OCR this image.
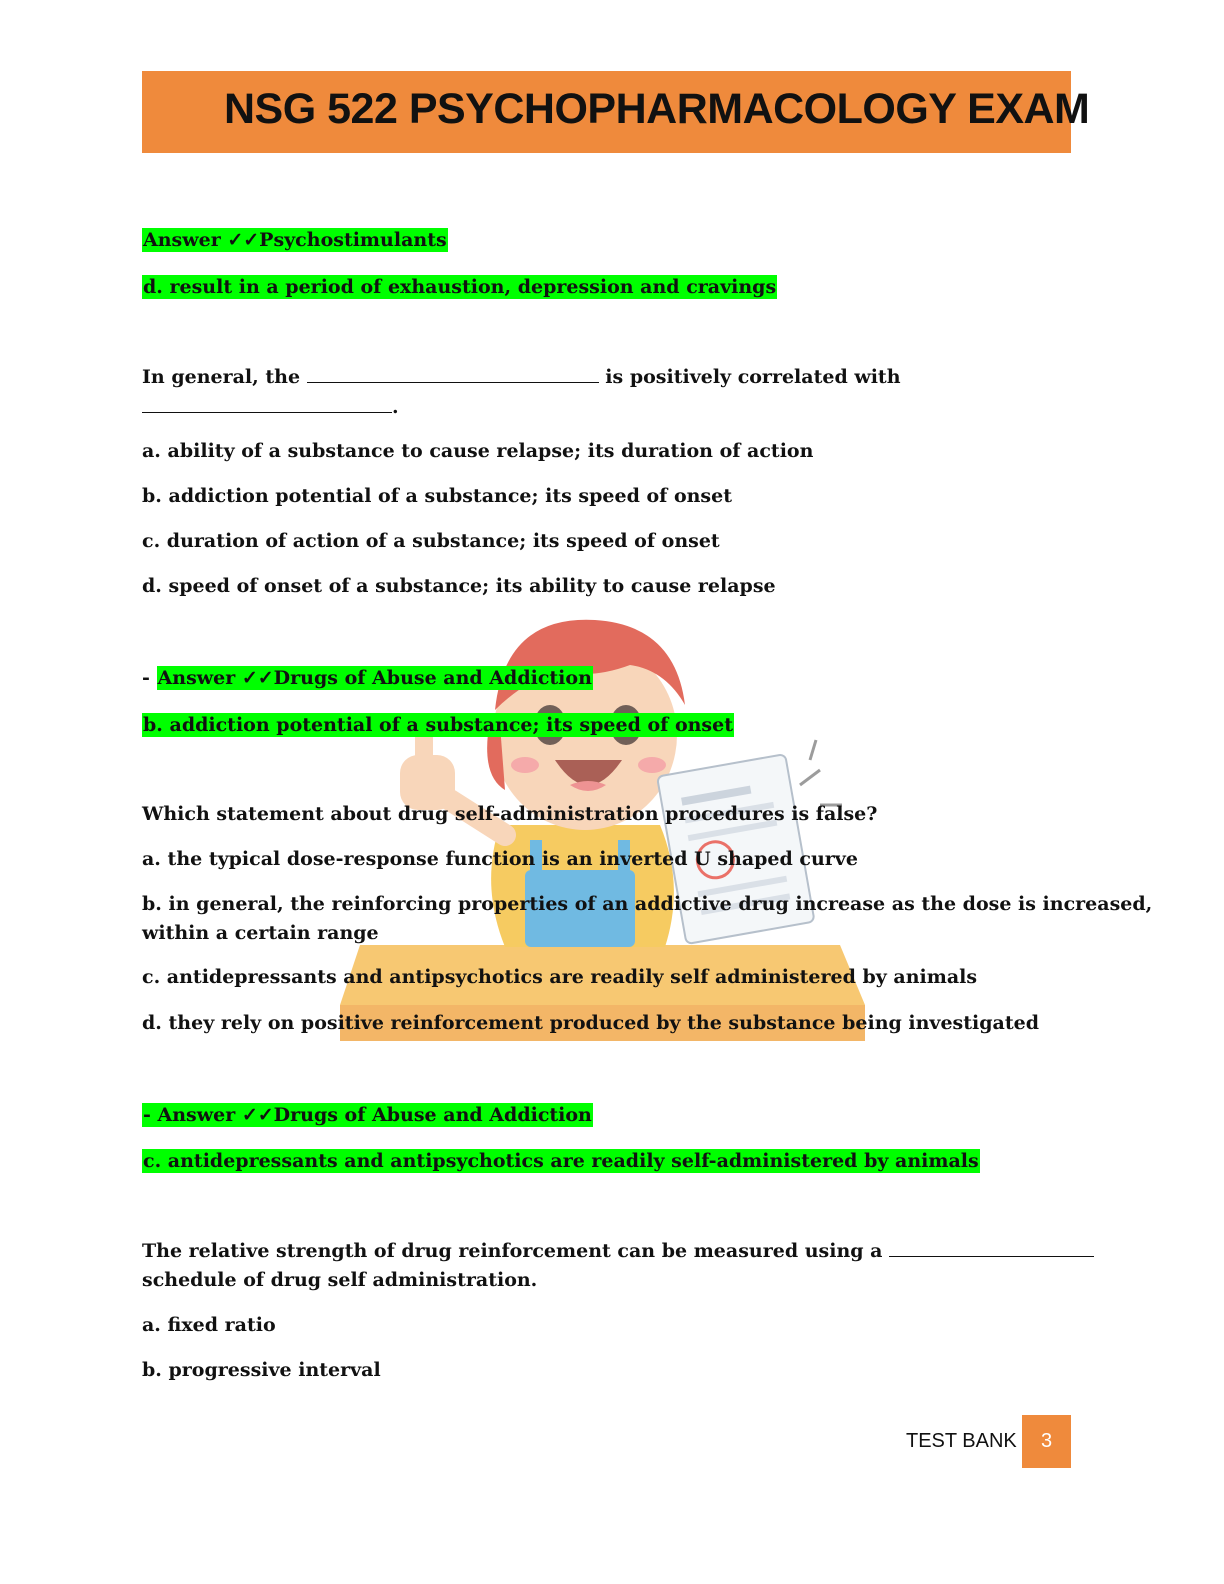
NSG 522 PSYCHOPHARMACOLOGY EXAM
Answer ✓✓Psychostimulants
d. result in a period of exhaustion, depression and cravings
In general, the	is positively correlated with
.
a. ability of a substance to cause relapse; its duration of action
b. addiction potential of a substance; its speed of onset
c. duration of action of a substance; its speed of onset
d. speed of onset of a substance; its ability to cause relapse
- Answer ✓✓Drugs of Abuse and Addiction
b. addiction potential of a substance; its speed of onset
Which statement about drug self-administration procedures is false?
a. the typical dose-response function is an inverted U shaped curve
b. in general, the reinforcing properties of an addictive drug increase as the dose is increased,
within a certain range
c. antidepressants and antipsychotics are readily self administered by animals
d. they rely on positive reinforcement produced by the substance being investigated
- Answer ✓✓Drugs of Abuse and Addiction
c. antidepressants and antipsychotics are readily self-administered by animals
The relative strength of drug reinforcement can be measured using a
schedule of drug self administration.
a. fixed ratio
b. progressive interval
TEST BANK	3
